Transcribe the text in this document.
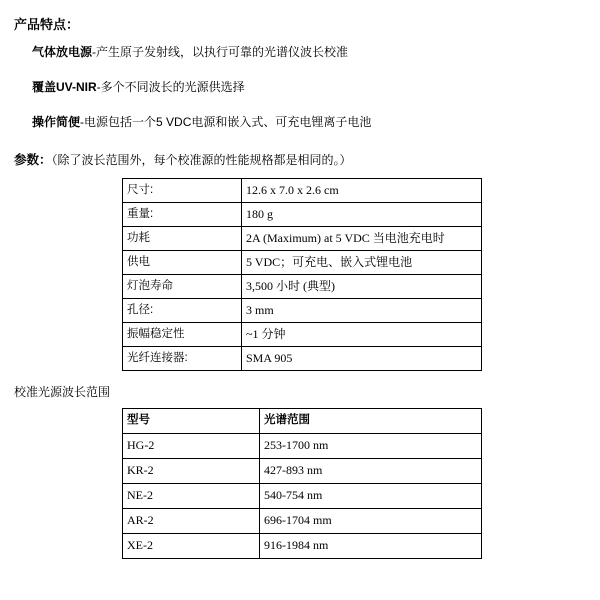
产品特点：
气体放电源-产生原子发射线，以执行可靠的光谱仪波长校准
覆盖UV-NIR-多个不同波长的光源供选择
操作简便-电源包括一个5 VDC电源和嵌入式、可充电锂离子电池
参数：（除了波长范围外，每个校准源的性能规格都是相同的。）
尺寸:	12.6 x 7.0 x 2.6 cm
重量:	180 g
功耗	2A (Maximum) at 5 VDC 当电池充电时
供电	5 VDC；可充电、嵌入式锂电池
灯泡寿命	3,500 小时 (典型)
孔径:	3 mm
振幅稳定性	~1 分钟
光纤连接器:	SMA 905
校准光源波长范围
型号	光谱范围
HG-2	253-1700 nm
KR-2	427-893 nm
NE-2	540-754 nm
AR-2	696-1704 mm
XE-2	916-1984 nm
